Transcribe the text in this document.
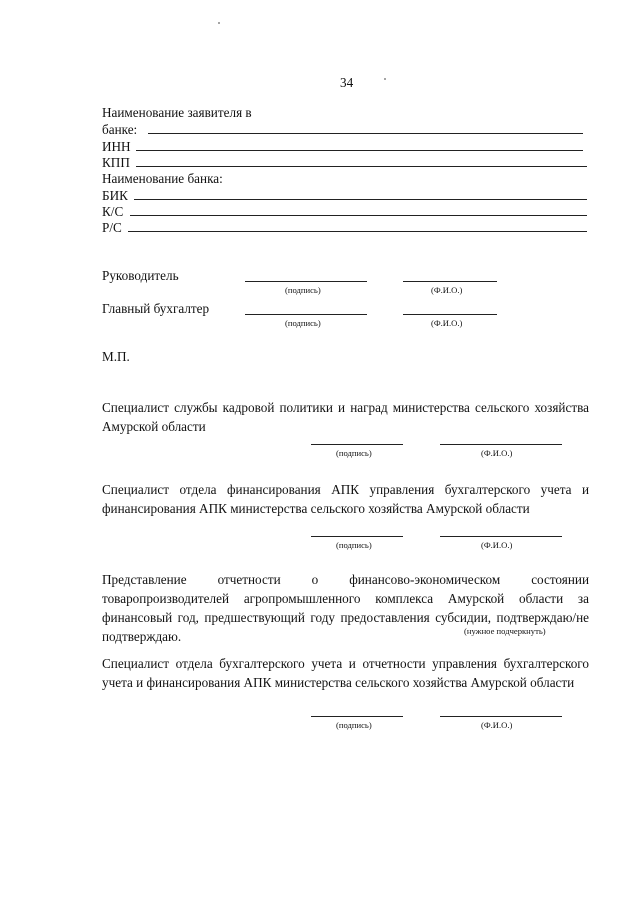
34
Наименование заявителя в
банке:
ИНН
КПП
Наименование банка:
БИК
К/С
Р/С
Руководитель
(подпись)	(Ф.И.О.)
Главный бухгалтер
(подпись)	(Ф.И.О.)
М.П.
Специалист службы кадровой политики и наград министерства сельского хозяйства Амурской области
(подпись)	(Ф.И.О.)
Специалист отдела финансирования АПК управления бухгалтерского учета и финансирования АПК министерства сельского хозяйства Амурской области
(подпись)	(Ф.И.О.)
Представление отчетности о финансово-экономическом состоянии товаропроизводителей агропромышленного комплекса Амурской области за финансовый год, предшествующий году предоставления субсидии, подтверждаю/не подтверждаю.	(нужное подчеркнуть)
Специалист отдела бухгалтерского учета и отчетности управления бухгалтерского учета и финансирования АПК министерства сельского хозяйства Амурской области
(подпись)	(Ф.И.О.)
